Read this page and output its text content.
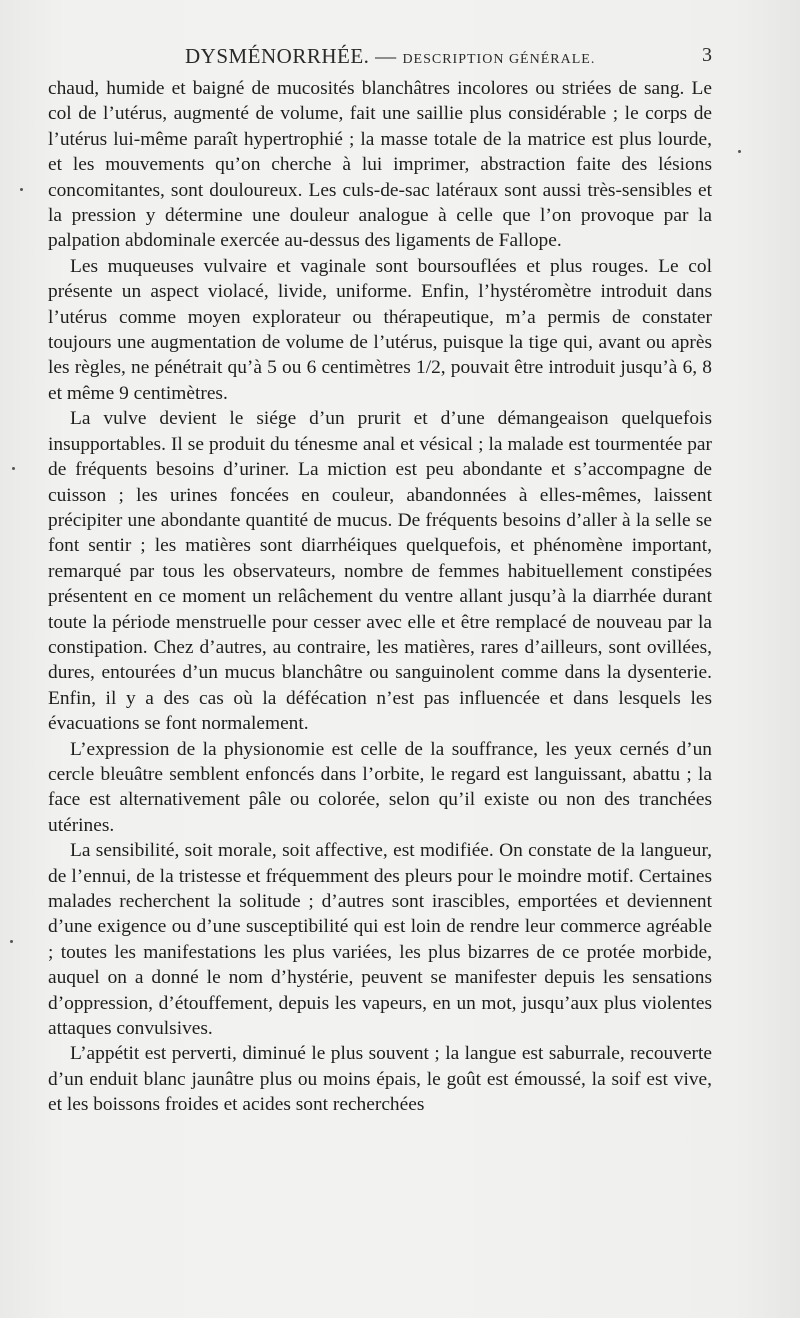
DYSMÉNORRHÉE. — DESCRIPTION GÉNÉRALE.	3

chaud, humide et baigné de mucosités blanchâtres incolores ou striées de sang. Le col de l’utérus, augmenté de volume, fait une saillie plus considérable ; le corps de l’utérus lui-même paraît hypertrophié ; la masse totale de la matrice est plus lourde, et les mouvements qu’on cherche à lui imprimer, abstraction faite des lésions concomitantes, sont douloureux. Les culs-de-sac latéraux sont aussi très-sensibles et la pression y détermine une douleur analogue à celle que l’on provoque par la palpation abdominale exercée au-dessus des ligaments de Fallope.

Les muqueuses vulvaire et vaginale sont boursouflées et plus rouges. Le col présente un aspect violacé, livide, uniforme. Enfin, l’hystéromètre introduit dans l’utérus comme moyen explorateur ou thérapeutique, m’a permis de constater toujours une augmentation de volume de l’utérus, puisque la tige qui, avant ou après les règles, ne pénétrait qu’à 5 ou 6 centimètres 1/2, pouvait être introduit jusqu’à 6, 8 et même 9 centimètres.

La vulve devient le siége d’un prurit et d’une démangeaison quelquefois insupportables. Il se produit du ténesme anal et vésical ; la malade est tourmentée par de fréquents besoins d’uriner. La miction est peu abondante et s’accompagne de cuisson ; les urines foncées en couleur, abandonnées à elles-mêmes, laissent précipiter une abondante quantité de mucus. De fréquents besoins d’aller à la selle se font sentir ; les matières sont diarrhéiques quelquefois, et phénomène important, remarqué par tous les observateurs, nombre de femmes habituellement constipées présentent en ce moment un relâchement du ventre allant jusqu’à la diarrhée durant toute la période menstruelle pour cesser avec elle et être remplacé de nouveau par la constipation. Chez d’autres, au contraire, les matières, rares d’ailleurs, sont ovillées, dures, entourées d’un mucus blanchâtre ou sanguinolent comme dans la dysenterie. Enfin, il y a des cas où la défécation n’est pas influencée et dans lesquels les évacuations se font normalement.

L’expression de la physionomie est celle de la souffrance, les yeux cernés d’un cercle bleuâtre semblent enfoncés dans l’orbite, le regard est languissant, abattu ; la face est alternativement pâle ou colorée, selon qu’il existe ou non des tranchées utérines.

La sensibilité, soit morale, soit affective, est modifiée. On constate de la langueur, de l’ennui, de la tristesse et fréquemment des pleurs pour le moindre motif. Certaines malades recherchent la solitude ; d’autres sont irascibles, emportées et deviennent d’une exigence ou d’une susceptibilité qui est loin de rendre leur commerce agréable ; toutes les manifestations les plus variées, les plus bizarres de ce protée morbide, auquel on a donné le nom d’hystérie, peuvent se manifester depuis les sensations d’oppression, d’étouffement, depuis les vapeurs, en un mot, jusqu’aux plus violentes attaques convulsives.

L’appétit est perverti, diminué le plus souvent ; la langue est saburrale, recouverte d’un enduit blanc jaunâtre plus ou moins épais, le goût est émoussé, la soif est vive, et les boissons froides et acides sont recherchées
